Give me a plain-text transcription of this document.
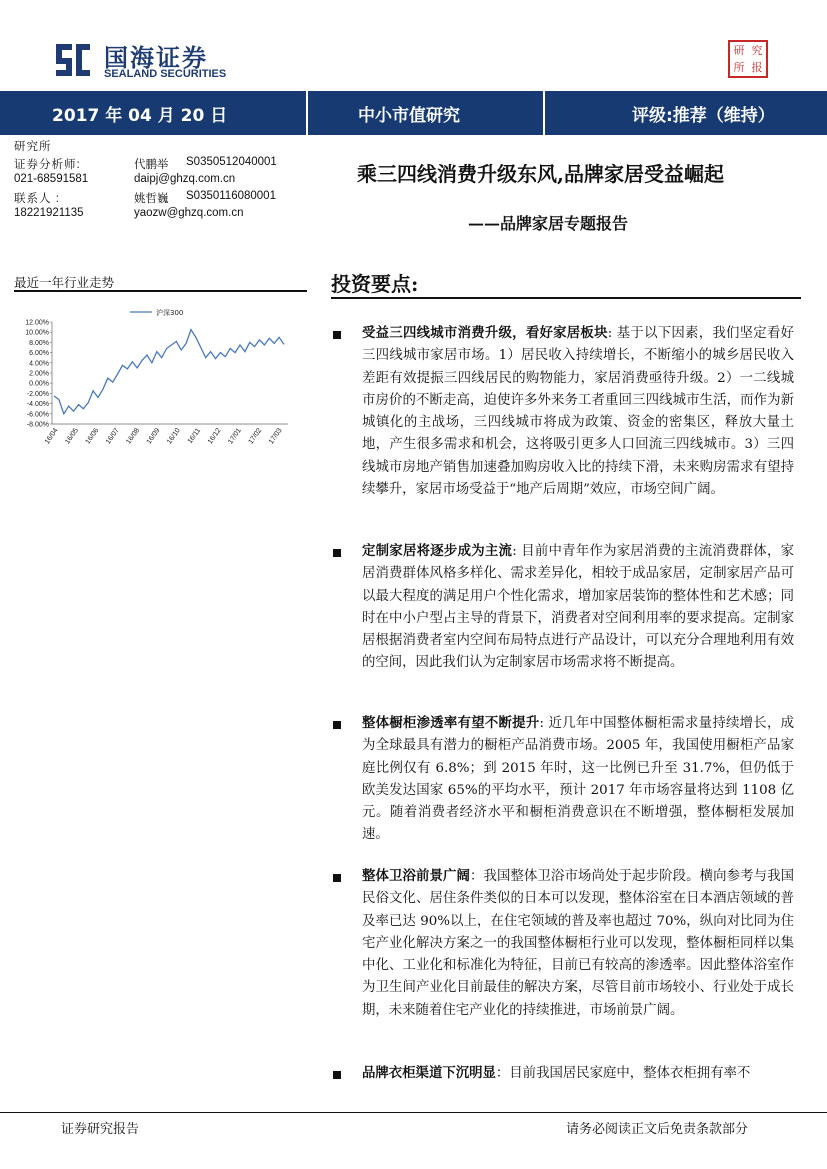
国海证券
SEALAND SECURITIES
研 究
所 报
2017 年 04 月 20 日	中小市值研究	评级:推荐（维持）
研究所
证券分析师:	代鹏举 S0350512040001
021-68591581	daipj@ghzq.com.cn
联系人 :	姚哲巍 S0350116080001
18221921135	yaozw@ghzq.com.cn
乘三四线消费升级东风,品牌家居受益崛起
——品牌家居专题报告
最近一年行业走势
12.00%
10.00%
8.00%
6.00%
4.00%
2.00%
0.00%
-2.00%
-4.00%
-6.00%
-8.00%
16/04 16/05 16/06 16/07 16/08 16/09 16/10 16/11 16/12 17/01 17/02 17/03
沪深300
投资要点:
受益三四线城市消费升级，看好家居板块: 基于以下因素，我们坚定看好三四线城市家居市场。1）居民收入持续增长，不断缩小的城乡居民收入差距有效提振三四线居民的购物能力，家居消费亟待升级。2）一二线城市房价的不断走高，迫使许多外来务工者重回三四线城市生活，而作为新城镇化的主战场，三四线城市将成为政策、资金的密集区，释放大量土地，产生很多需求和机会，这将吸引更多人口回流三四线城市。3）三四线城市房地产销售加速叠加购房收入比的持续下滑，未来购房需求有望持续攀升，家居市场受益于“地产后周期”效应，市场空间广阔。
定制家居将逐步成为主流: 目前中青年作为家居消费的主流消费群体，家居消费群体风格多样化、需求差异化，相较于成品家居，定制家居产品可以最大程度的满足用户个性化需求，增加家居装饰的整体性和艺术感；同时在中小户型占主导的背景下，消费者对空间利用率的要求提高。定制家居根据消费者室内空间布局特点进行产品设计，可以充分合理地利用有效的空间，因此我们认为定制家居市场需求将不断提高。
整体橱柜渗透率有望不断提升: 近几年中国整体橱柜需求量持续增长，成为全球最具有潜力的橱柜产品消费市场。2005 年，我国使用橱柜产品家庭比例仅有 6.8%；到 2015 年时，这一比例已升至 31.7%，但仍低于欧美发达国家 65%的平均水平，预计 2017 年市场容量将达到 1108 亿元。随着消费者经济水平和橱柜消费意识在不断增强，整体橱柜发展加速。
整体卫浴前景广阔：我国整体卫浴市场尚处于起步阶段。横向参考与我国民俗文化、居住条件类似的日本可以发现，整体浴室在日本酒店领域的普及率已达 90%以上，在住宅领域的普及率也超过 70%，纵向对比同为住宅产业化解决方案之一的我国整体橱柜行业可以发现，整体橱柜同样以集中化、工业化和标准化为特征，目前已有较高的渗透率。因此整体浴室作为卫生间产业化目前最佳的解决方案，尽管目前市场较小、行业处于成长期，未来随着住宅产业化的持续推进，市场前景广阔。
品牌衣柜渠道下沉明显：目前我国居民家庭中，整体衣柜拥有率不
证券研究报告	请务必阅读正文后免责条款部分
